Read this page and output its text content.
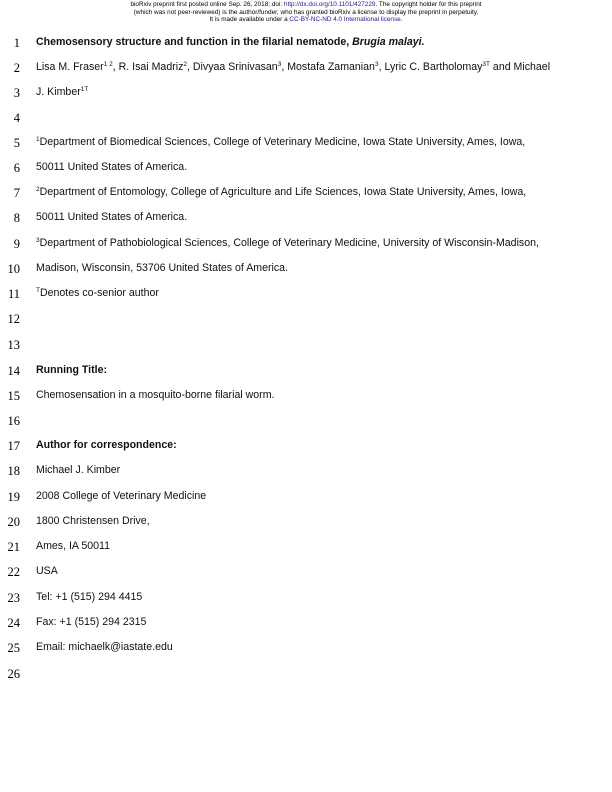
bioRxiv preprint first posted online Sep. 26, 2018; doi: http://dx.doi.org/10.1101/427229. The copyright holder for this preprint
(which was not peer-reviewed) is the author/funder, who has granted bioRxiv a license to display the preprint in perpetuity.
It is made available under a CC-BY-NC-ND 4.0 International license.
1
2
3
4
5
6
7
8
9
10
11
12
13
14
15
16
17
18
19
20
21
22
23
24
25
26
Chemosensory structure and function in the filarial nematode, Brugia malayi.
Lisa M. Fraser$^{1 2}$, R. Isai Madriz$^2$, Divyaa Srinivasan$^3$, Mostafa Zamanian$^3$, Lyric C. Bartholomay$^{3T}$ and Michael
J. Kimber$^{1T}$
$^1$Department of Biomedical Sciences, College of Veterinary Medicine, Iowa State University, Ames, Iowa,
50011 United States of America.
$^2$Department of Entomology, College of Agriculture and Life Sciences, Iowa State University, Ames, Iowa,
50011 United States of America.
$^3$Department of Pathobiological Sciences, College of Veterinary Medicine, University of Wisconsin-Madison,
Madison, Wisconsin, 53706 United States of America.
$^T$Denotes co-senior author
Running Title:
Chemosensation in a mosquito-borne filarial worm.
Author for correspondence:
Michael J. Kimber
2008 College of Veterinary Medicine
1800 Christensen Drive,
Ames, IA 50011
USA
Tel: +1 (515) 294 4415
Fax: +1 (515) 294 2315
Email: michaelk@iastate.edu
